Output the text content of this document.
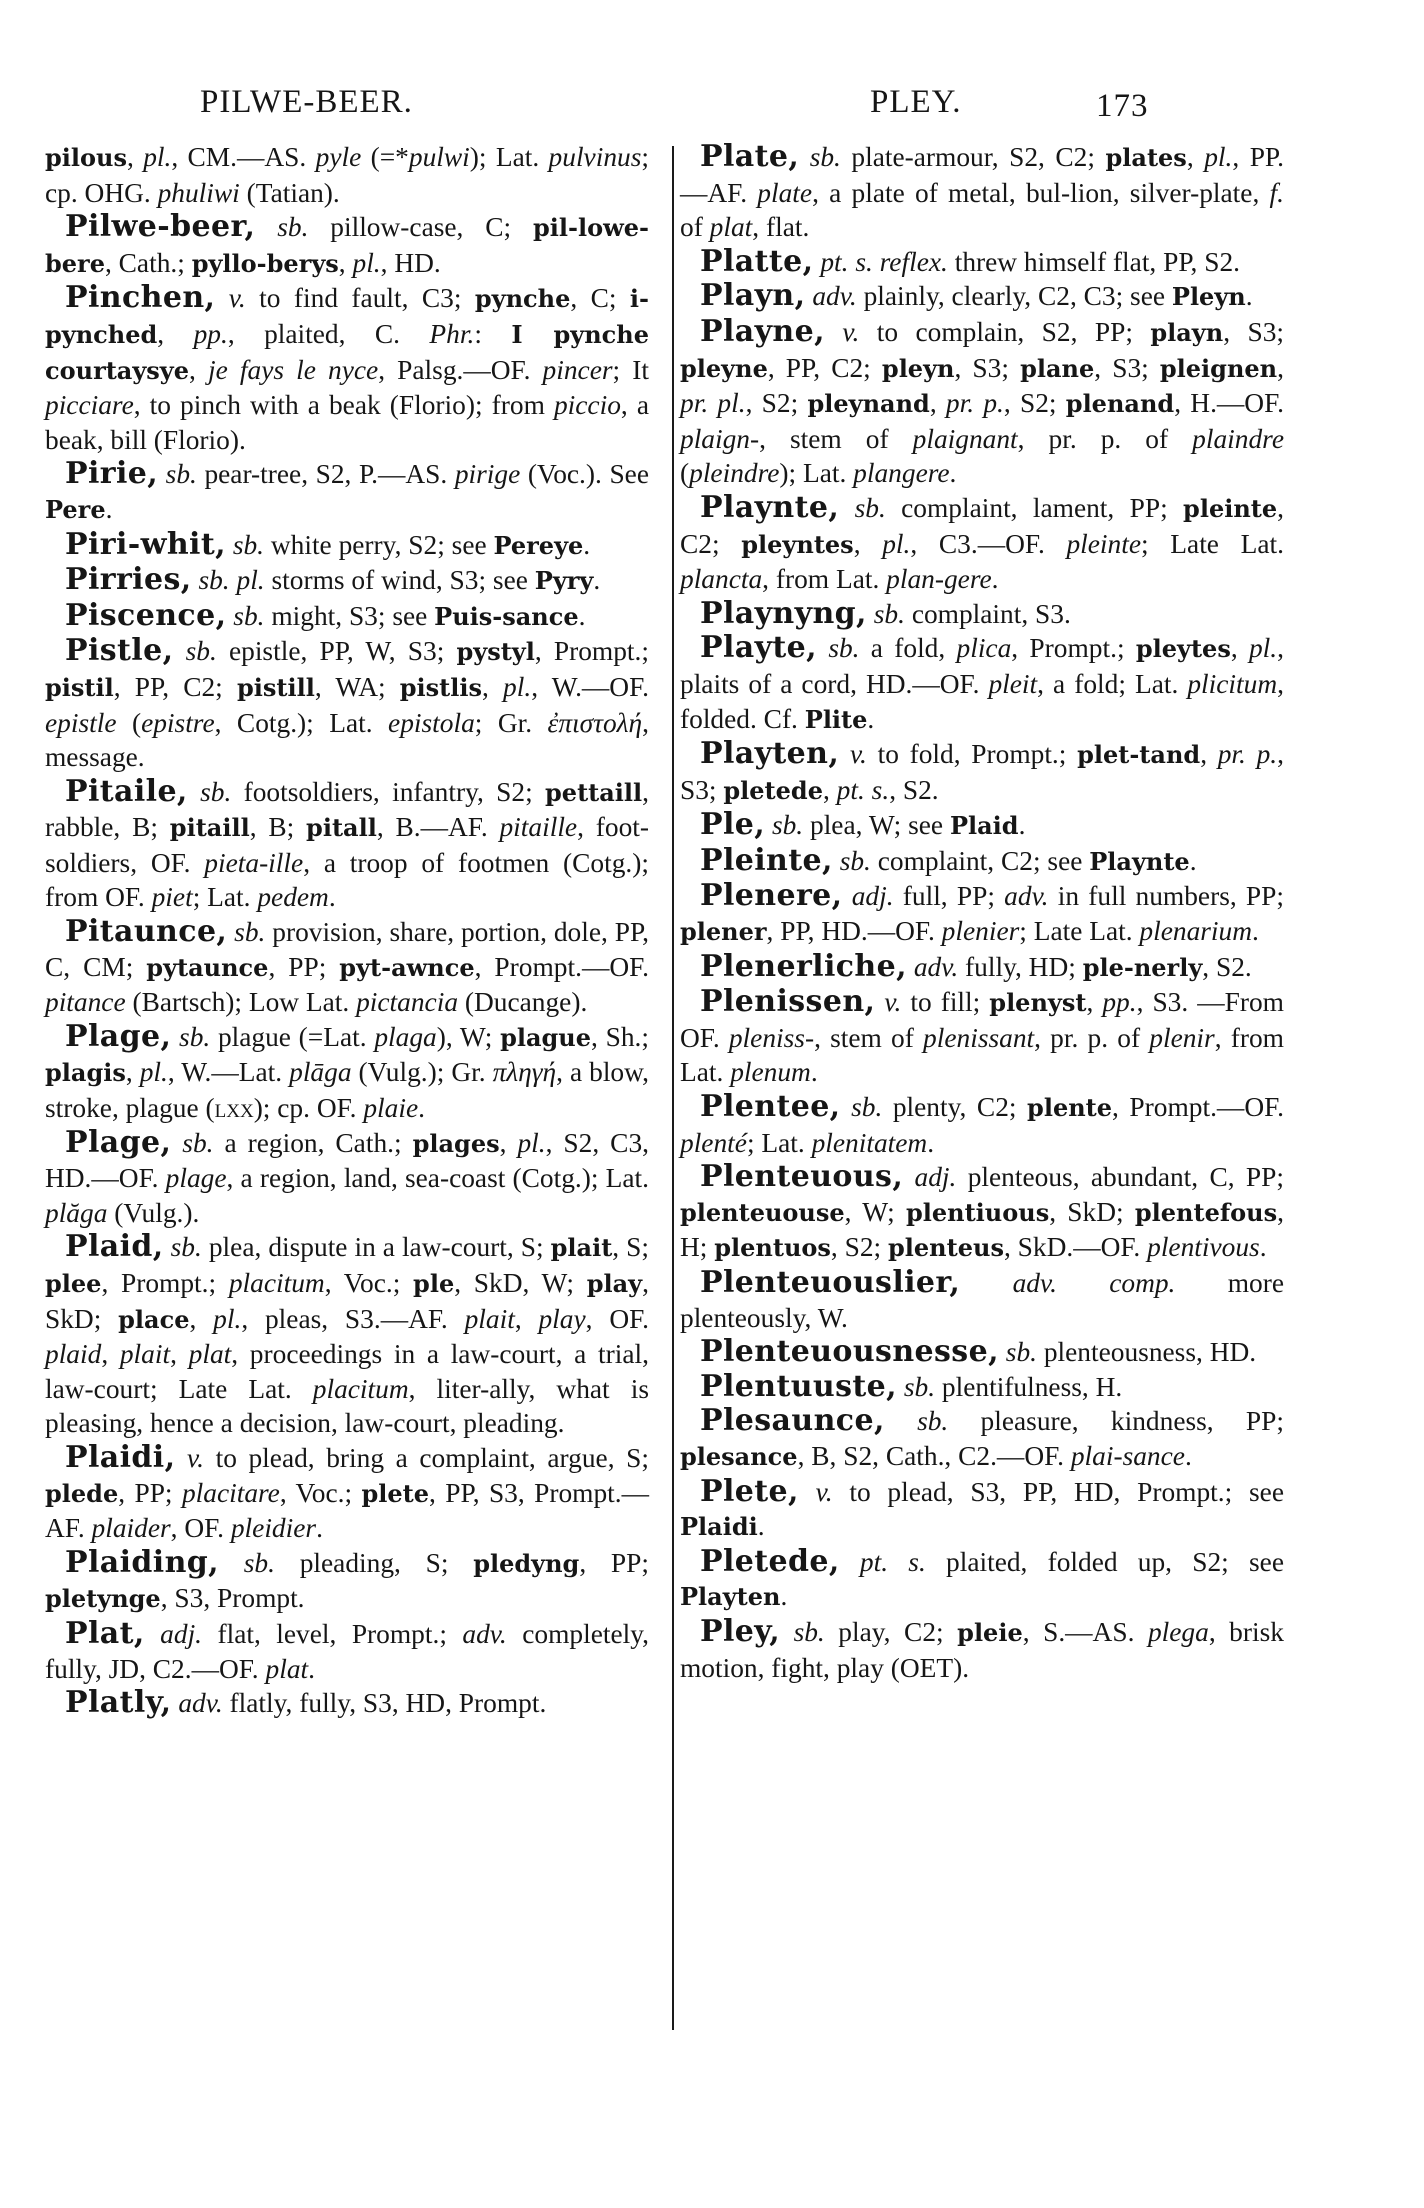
PILWE-BEER.	PLEY.	173

pilous, pl., CM.—AS. pyle (=*pulwi); Lat. pulvinus; cp. OHG. phuliwi (Tatian).

Pilwe-beer, sb. pillow-case, C; pil-lowe-bere, Cath.; pyllo-berys, pl., HD.

Pinchen, v. to find fault, C3; pynche, C; i-pynched, pp., plaited, C. Phr.: I pynche courtaysye, je fays le nyce, Palsg.—OF. pincer; It picciare, to pinch with a beak (Florio); from piccio, a beak, bill (Florio).

Pirie, sb. pear-tree, S2, P.—AS. pirige (Voc.). See Pere.

Piri-whit, sb. white perry, S2; see Pereye.

Pirries, sb. pl. storms of wind, S3; see Pyry.

Piscence, sb. might, S3; see Puis-sance.

Pistle, sb. epistle, PP, W, S3; pystyl, Prompt.; pistil, PP, C2; pistill, WA; pistlis, pl., W.—OF. epistle (epistre, Cotg.); Lat. epistola; Gr. ἐπιστολή, message.

Pitaile, sb. footsoldiers, infantry, S2; pettaill, rabble, B; pitaill, B; pitall, B.—AF. pitaille, foot-soldiers, OF. pieta-ille, a troop of footmen (Cotg.); from OF. piet; Lat. pedem.

Pitaunce, sb. provision, share, portion, dole, PP, C, CM; pytaunce, PP; pyt-awnce, Prompt.—OF. pitance (Bartsch); Low Lat. pictancia (Ducange).

Plage, sb. plague (=Lat. plaga), W; plague, Sh.; plagis, pl., W.—Lat. plāga (Vulg.); Gr. πληγή, a blow, stroke, plague (lxx); cp. OF. plaie.

Plage, sb. a region, Cath.; plages, pl., S2, C3, HD.—OF. plage, a region, land, sea-coast (Cotg.); Lat. plăga (Vulg.).

Plaid, sb. plea, dispute in a law-court, S; plait, S; plee, Prompt.; placitum, Voc.; ple, SkD, W; play, SkD; place, pl., pleas, S3.—AF. plait, play, OF. plaid, plait, plat, proceedings in a law-court, a trial, law-court; Late Lat. placitum, liter-ally, what is pleasing, hence a decision, law-court, pleading.

Plaidi, v. to plead, bring a complaint, argue, S; plede, PP; placitare, Voc.; plete, PP, S3, Prompt.—AF. plaider, OF. pleidier.

Plaiding, sb. pleading, S; pledyng, PP; pletynge, S3, Prompt.

Plat, adj. flat, level, Prompt.; adv. completely, fully, JD, C2.—OF. plat.

Platly, adv. flatly, fully, S3, HD, Prompt.

Plate, sb. plate-armour, S2, C2; plates, pl., PP.—AF. plate, a plate of metal, bul-lion, silver-plate, f. of plat, flat.

Platte, pt. s. reflex. threw himself flat, PP, S2.

Playn, adv. plainly, clearly, C2, C3; see Pleyn.

Playne, v. to complain, S2, PP; playn, S3; pleyne, PP, C2; pleyn, S3; plane, S3; pleignen, pr. pl., S2; pleynand, pr. p., S2; plenand, H.—OF. plaign-, stem of plaignant, pr. p. of plaindre (pleindre); Lat. plangere.

Playnte, sb. complaint, lament, PP; pleinte, C2; pleyntes, pl., C3.—OF. pleinte; Late Lat. plancta, from Lat. plan-gere.

Playnyng, sb. complaint, S3.

Playte, sb. a fold, plica, Prompt.; pleytes, pl., plaits of a cord, HD.—OF. pleit, a fold; Lat. plicitum, folded. Cf. Plite.

Playten, v. to fold, Prompt.; plet-tand, pr. p., S3; pletede, pt. s., S2.

Ple, sb. plea, W; see Plaid.

Pleinte, sb. complaint, C2; see Playnte.

Plenere, adj. full, PP; adv. in full numbers, PP; plener, PP, HD.—OF. plenier; Late Lat. plenarium.

Plenerliche, adv. fully, HD; ple-nerly, S2.

Plenissen, v. to fill; plenyst, pp., S3. —From OF. pleniss-, stem of plenissant, pr. p. of plenir, from Lat. plenum.

Plentee, sb. plenty, C2; plente, Prompt.—OF. plenté; Lat. plenitatem.

Plenteuous, adj. plenteous, abundant, C, PP; plenteuouse, W; plentiuous, SkD; plentefous, H; plentuos, S2; plenteus, SkD.—OF. plentivous.

Plenteuouslier, adv. comp. more plenteously, W.

Plenteuousnesse, sb. plenteousness, HD.

Plentuuste, sb. plentifulness, H.

Plesaunce, sb. pleasure, kindness, PP; plesance, B, S2, Cath., C2.—OF. plai-sance.

Plete, v. to plead, S3, PP, HD, Prompt.; see Plaidi.

Pletede, pt. s. plaited, folded up, S2; see Playten.

Pley, sb. play, C2; pleie, S.—AS. plega, brisk motion, fight, play (OET).
